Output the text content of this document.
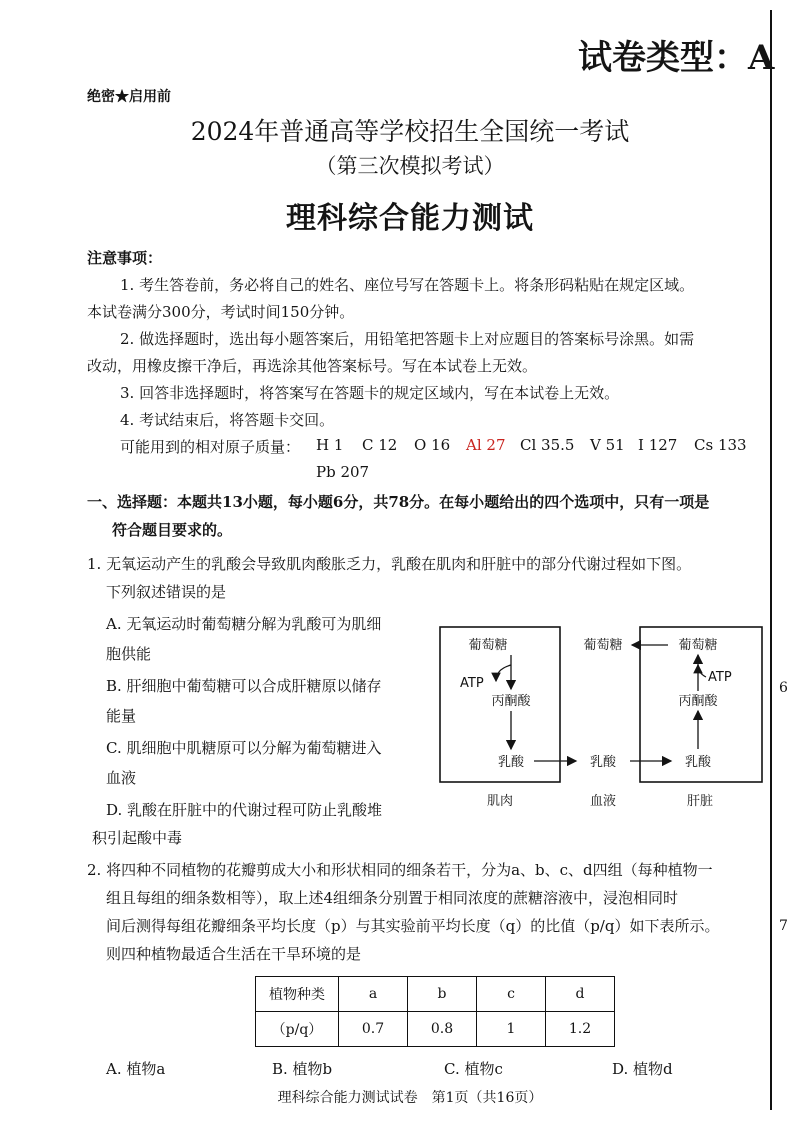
试卷类型：A
绝密★启用前
2024年普通高等学校招生全国统一考试
（第三次模拟考试）
理科综合能力测试
注意事项：
1. 考生答卷前，务必将自己的姓名、座位号写在答题卡上。将条形码粘贴在规定区域。
本试卷满分300分，考试时间150分钟。
2. 做选择题时，选出每小题答案后，用铅笔把答题卡上对应题目的答案标号涂黑。如需
改动，用橡皮擦干净后，再选涂其他答案标号。写在本试卷上无效。
3. 回答非选择题时，将答案写在答题卡的规定区域内，写在本试卷上无效。
4. 考试结束后，将答题卡交回。
可能用到的相对原子质量： H 1 C 12 O 16 Al 27 Cl 35.5 V 51 I 127 Cs 133
Pb 207
一、选择题：本题共13小题，每小题6分，共78分。在每小题给出的四个选项中，只有一项是
符合题目要求的。
1. 无氧运动产生的乳酸会导致肌肉酸胀乏力，乳酸在肌肉和肝脏中的部分代谢过程如下图。
下列叙述错误的是
A. 无氧运动时葡萄糖分解为乳酸可为肌细
胞供能
B. 肝细胞中葡萄糖可以合成肝糖原以储存
能量
C. 肌细胞中肌糖原可以分解为葡萄糖进入
血液
D. 乳酸在肝脏中的代谢过程可防止乳酸堆
积引起酸中毒
葡萄糖	葡萄糖	葡萄糖
ATP	ATP
丙酮酸	丙酮酸
乳酸	乳酸	乳酸
肌肉	血液	肝脏
2. 将四种不同植物的花瓣剪成大小和形状相同的细条若干，分为a、b、c、d四组（每种植物一
组且每组的细条数相等），取上述4组细条分别置于相同浓度的蔗糖溶液中，浸泡相同时
间后测得每组花瓣细条平均长度（p）与其实验前平均长度（q）的比值（p/q）如下表所示。
则四种植物最适合生活在干旱环境的是
植物种类	a	b	c	d
（p/q）	0.7	0.8	1	1.2
A. 植物a	B. 植物b	C. 植物c	D. 植物d
理科综合能力测试试卷　第1页（共16页）
6
7
